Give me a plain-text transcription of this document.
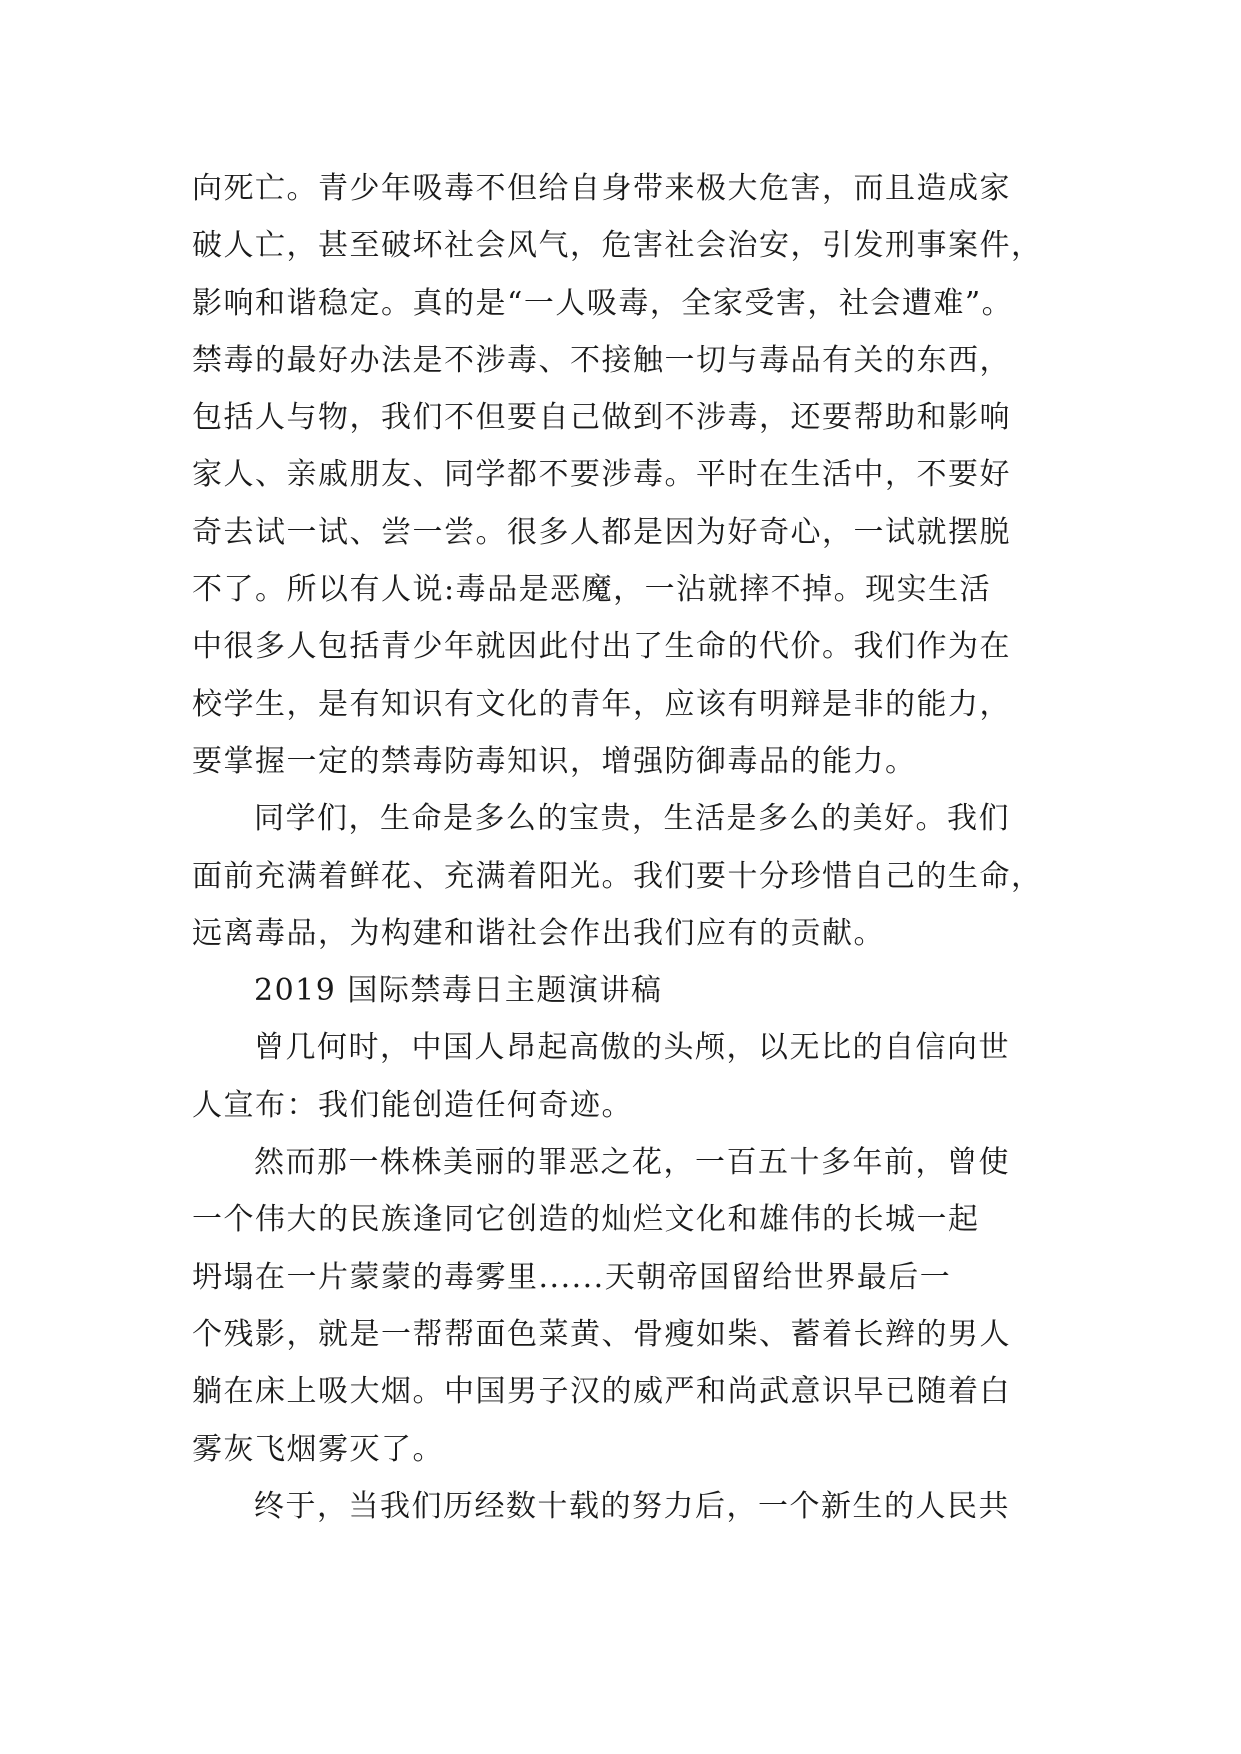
向死亡。青少年吸毒不但给自身带来极大危害，而且造成家
破人亡，甚至破坏社会风气，危害社会治安，引发刑事案件，
影响和谐稳定。真的是“一人吸毒，全家受害，社会遭难”。
禁毒的最好办法是不涉毒、不接触一切与毒品有关的东西，
包括人与物，我们不但要自己做到不涉毒，还要帮助和影响
家人、亲戚朋友、同学都不要涉毒。平时在生活中，不要好
奇去试一试、尝一尝。很多人都是因为好奇心，一试就摆脱
不了。所以有人说:毒品是恶魔，一沾就摔不掉。现实生活
中很多人包括青少年就因此付出了生命的代价。我们作为在
校学生，是有知识有文化的青年，应该有明辩是非的能力，
要掌握一定的禁毒防毒知识，增强防御毒品的能力。
同学们，生命是多么的宝贵，生活是多么的美好。我们
面前充满着鲜花、充满着阳光。我们要十分珍惜自己的生命，
远离毒品，为构建和谐社会作出我们应有的贡献。
2019 国际禁毒日主题演讲稿
曾几何时，中国人昂起高傲的头颅，以无比的自信向世
人宣布：我们能创造任何奇迹。
然而那一株株美丽的罪恶之花，一百五十多年前，曾使
一个伟大的民族逢同它创造的灿烂文化和雄伟的长城一起
坍塌在一片蒙蒙的毒雾里......天朝帝国留给世界最后一
个残影，就是一帮帮面色菜黄、骨瘦如柴、蓄着长辫的男人
躺在床上吸大烟。中国男子汉的威严和尚武意识早已随着白
雾灰飞烟雾灭了。
终于，当我们历经数十载的努力后，一个新生的人民共
